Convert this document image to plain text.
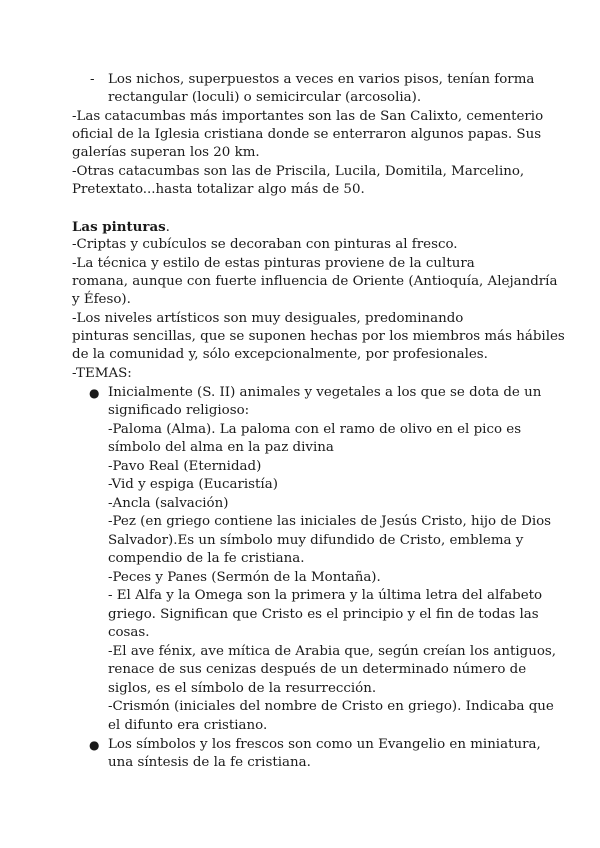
- Los nichos, superpuestos a veces en varios pisos, tenían forma
rectangular (loculi) o semicircular (arcosolia).
-Las catacumbas más importantes son las de San Calixto, cementerio
oficial de la Iglesia cristiana donde se enterraron algunos papas. Sus
galerías superan los 20 km.
-Otras catacumbas son las de Priscila, Lucila, Domitila, Marcelino,
Pretextato...hasta totalizar algo más de 50.
Las pinturas.
-Criptas y cubículos se decoraban con pinturas al fresco.
-La técnica y estilo de estas pinturas proviene de la cultura
romana, aunque con fuerte influencia de Oriente (Antioquía, Alejandría
y Éfeso).
-Los niveles artísticos son muy desiguales, predominando
pinturas sencillas, que se suponen hechas por los miembros más hábiles
de la comunidad y, sólo excepcionalmente, por profesionales.
-TEMAS:
● Inicialmente (S. II) animales y vegetales a los que se dota de un
significado religioso:
-Paloma (Alma). La paloma con el ramo de olivo en el pico es
símbolo del alma en la paz divina
-Pavo Real (Eternidad)
-Vid y espiga (Eucaristía)
-Ancla (salvación)
-Pez (en griego contiene las iniciales de Jesús Cristo, hijo de Dios
Salvador).Es un símbolo muy difundido de Cristo, emblema y
compendio de la fe cristiana.
-Peces y Panes (Sermón de la Montaña).
- El Alfa y la Omega son la primera y la última letra del alfabeto
griego. Significan que Cristo es el principio y el fin de todas las
cosas.
-El ave fénix, ave mítica de Arabia que, según creían los antiguos,
renace de sus cenizas después de un determinado número de
siglos, es el símbolo de la resurrección.
-Crismón (iniciales del nombre de Cristo en griego). Indicaba que
el difunto era cristiano.
● Los símbolos y los frescos son como un Evangelio en miniatura,
una síntesis de la fe cristiana.
